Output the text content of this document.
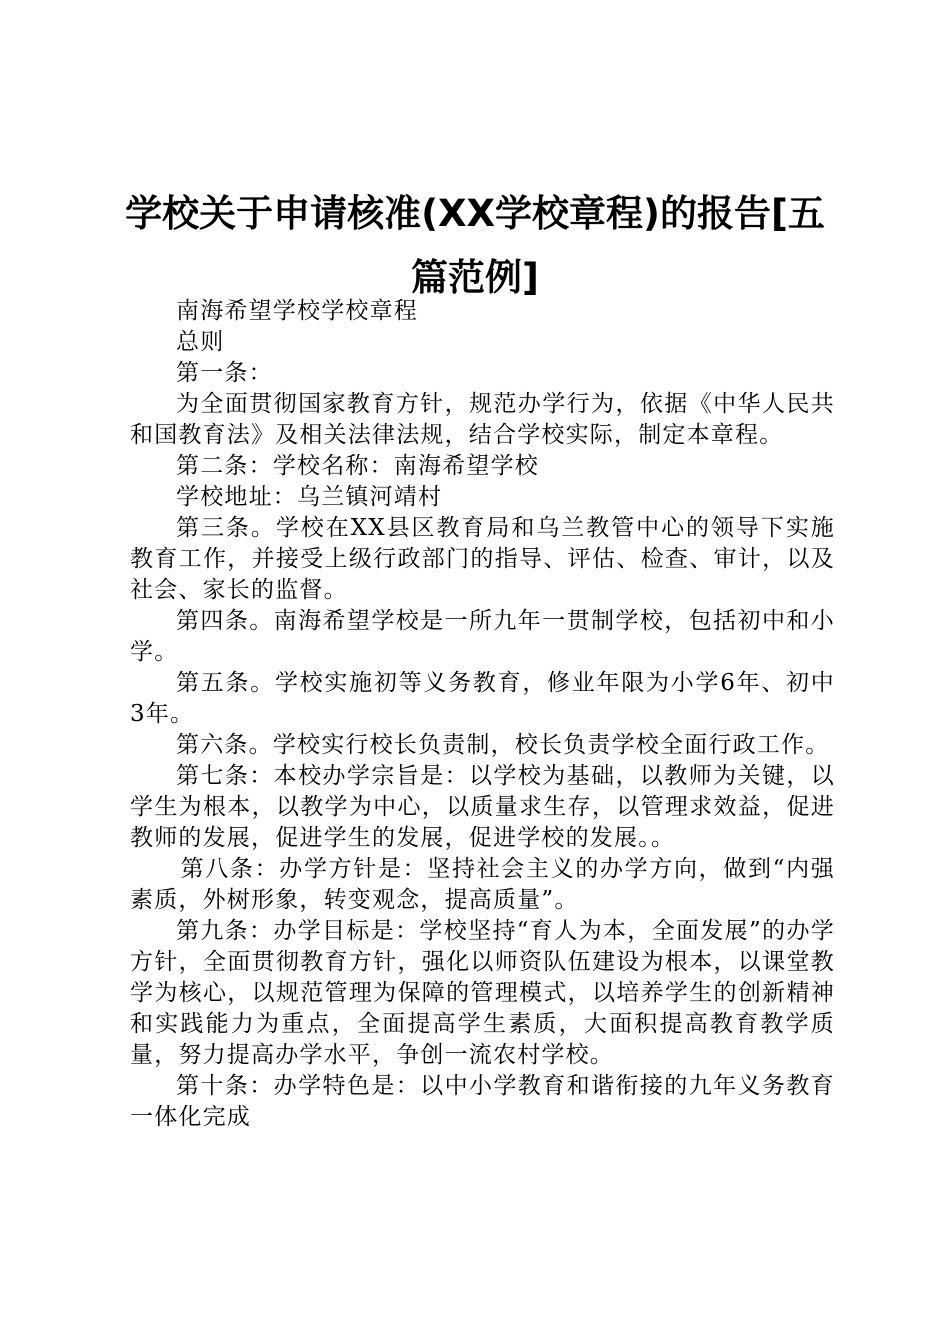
学校关于申请核准(XX学校章程)的报告[五篇范例]

南海希望学校学校章程

总则

第一条：

为全面贯彻国家教育方针，规范办学行为，依据《中华人民共和国教育法》及相关法律法规，结合学校实际，制定本章程。

第二条：学校名称：南海希望学校

学校地址：乌兰镇河靖村

第三条。学校在XX县区教育局和乌兰教管中心的领导下实施教育工作，并接受上级行政部门的指导、评估、检查、审计，以及社会、家长的监督。

第四条。南海希望学校是一所九年一贯制学校，包括初中和小学。

第五条。学校实施初等义务教育，修业年限为小学6年、初中3年。

第六条。学校实行校长负责制，校长负责学校全面行政工作。

第七条：本校办学宗旨是：以学校为基础，以教师为关键，以学生为根本，以教学为中心，以质量求生存，以管理求效益，促进教师的发展，促进学生的发展，促进学校的发展。。

第八条：办学方针是：坚持社会主义的办学方向，做到“内强素质，外树形象，转变观念，提高质量”。

第九条：办学目标是：学校坚持“育人为本，全面发展”的办学方针，全面贯彻教育方针，强化以师资队伍建设为根本，以课堂教学为核心，以规范管理为保障的管理模式，以培养学生的创新精神和实践能力为重点，全面提高学生素质，大面积提高教育教学质量，努力提高办学水平，争创一流农村学校。

第十条：办学特色是：以中小学教育和谐衔接的九年义务教育一体化完成
